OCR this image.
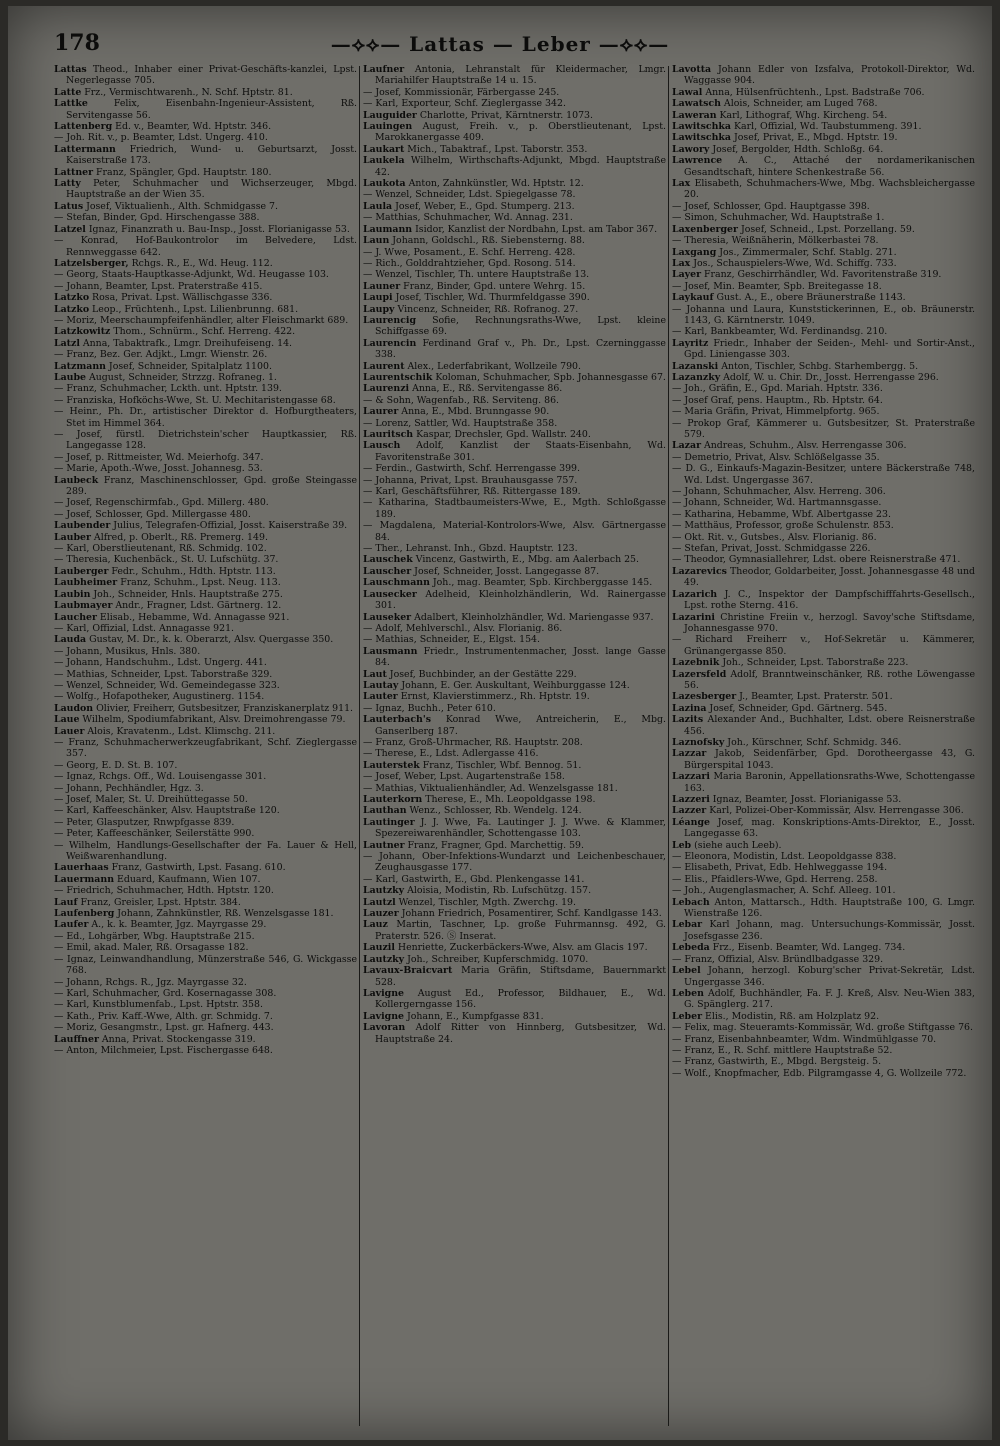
178	—⟡⟡— Lattas — Leber —⟡⟡—

Lattas Theod., Inhaber einer Privat-Geschäfts-kanzlei, Lpst. Negerlegasse 705.

Latte Frz., Vermischtwarenh., N. Schf. Hptstr. 81.

Lattke Felix, Eisenbahn-Ingenieur-Assistent, Rß. Servitengasse 56.

Lattenberg Ed. v., Beamter, Wd. Hptstr. 346.

— Joh. Rit. v., p. Beamter, Ldst. Ungerg. 410.

Lattermann Friedrich, Wund- u. Geburtsarzt, Josst. Kaiserstraße 173.

Lattner Franz, Spängler, Gpd. Hauptstr. 180.

Latty Peter, Schuhmacher und Wichserzeuger, Mbgd. Hauptstraße an der Wien 35.

Latus Josef, Viktualienh., Alth. Schmidgasse 7.

— Stefan, Binder, Gpd. Hirschengasse 388.

Latzel Ignaz, Finanzrath u. Bau-Insp., Josst. Florianigasse 53.

— Konrad, Hof-Baukontrolor im Belvedere, Ldst. Rennweggasse 642.

Latzelsberger, Rchgs. R., E., Wd. Heug. 112.

— Georg, Staats-Hauptkasse-Adjunkt, Wd. Heugasse 103.

— Johann, Beamter, Lpst. Praterstraße 415.

Latzko Rosa, Privat. Lpst. Wällischgasse 336.

Latzko Leop., Früchtenh., Lpst. Lilienbrunng. 681.

— Moriz, Meerschaumpfeifenhändler, alter Fleischmarkt 689.

Latzkowitz Thom., Schnürm., Schf. Herreng. 422.

Latzl Anna, Tabaktrafk., Lmgr. Dreihufeiseng. 14.

— Franz, Bez. Ger. Adjkt., Lmgr. Wienstr. 26.

Latzmann Josef, Schneider, Spitalplatz 1100.

Laube August, Schneider, Strzzg. Rofraneg. 1.

— Franz, Schuhmacher, Lckth. unt. Hptstr. 139.

— Franziska, Hofköchs-Wwe, St. U. Mechitaristengasse 68.

— Heinr., Ph. Dr., artistischer Direktor d. Hofburgtheaters, Stet im Himmel 364.

— Josef, fürstl. Dietrichstein'scher Hauptkassier, Rß. Langegasse 128.

— Josef, p. Rittmeister, Wd. Meierhofg. 347.

— Marie, Apoth.-Wwe, Josst. Johannesg. 53.

Laubeck Franz, Maschinenschlosser, Gpd. große Steingasse 289.

— Josef, Regenschirmfab., Gpd. Millerg. 480.

— Josef, Schlosser, Gpd. Millergasse 480.

Laubender Julius, Telegrafen-Offizial, Josst. Kaiserstraße 39.

Lauber Alfred, p. Oberlt., Rß. Premerg. 149.

— Karl, Oberstlieutenant, Rß. Schmidg. 102.

— Theresia, Kuchenbäck., St. U. Lufschütg. 37.

Lauberger Fedr., Schuhm., Hdth. Hptstr. 113.

Laubheimer Franz, Schuhm., Lpst. Neug. 113.

Laubin Joh., Schneider, Hnls. Hauptstraße 275.

Laubmayer Andr., Fragner, Ldst. Gärtnerg. 12.

Laucher Elisab., Hebamme, Wd. Annagasse 921.

— Karl, Offizial, Ldst. Annagasse 921.

Lauda Gustav, M. Dr., k. k. Oberarzt, Alsv. Quergasse 350.

— Johann, Musikus, Hnls. 380.

— Johann, Handschuhm., Ldst. Ungerg. 441.

— Mathias, Schneider, Lpst. Taborstraße 329.

— Wenzel, Schneider, Wd. Gemeindegasse 323.

— Wolfg., Hofapotheker, Augustinerg. 1154.

Laudon Olivier, Freiherr, Gutsbesitzer, Franziskanerplatz 911.

Laue Wilhelm, Spodiumfabrikant, Alsv. Dreimohrengasse 79.

Lauer Alois, Kravatenm., Ldst. Klimschg. 211.

— Franz, Schuhmacherwerkzeugfabrikant, Schf. Zieglergasse 357.

— Georg, E. D. St. B. 107.

— Ignaz, Rchgs. Off., Wd. Louisengasse 301.

— Johann, Pechhändler, Hgz. 3.

— Josef, Maler, St. U. Dreihüttegasse 50.

— Karl, Kaffeeschänker, Alsv. Hauptstraße 120.

— Peter, Glasputzer, Rnwpfgasse 839.

— Peter, Kaffeeschänker, Seilerstätte 990.

— Wilhelm, Handlungs-Gesellschafter der Fa. Lauer & Hell, Weißwarenhandlung.

Lauerhaas Franz, Gastwirth, Lpst. Fasang. 610.

Lauermann Eduard, Kaufmann, Wien 107.

— Friedrich, Schuhmacher, Hdth. Hptstr. 120.

Lauf Franz, Greisler, Lpst. Hptstr. 384.

Laufenberg Johann, Zahnkünstler, Rß. Wenzelsgasse 181.

Laufer A., k. k. Beamter, Jgz. Mayrgasse 29.

— Ed., Lohgärber, Wbg. Hauptstraße 215.

— Emil, akad. Maler, Rß. Orsagasse 182.

— Ignaz, Leinwandhandlung, Münzerstraße 546, G. Wickgasse 768.

— Johann, Rchgs. R., Jgz. Mayrgasse 32.

— Karl, Schuhmacher, Grd. Kosernagasse 308.

— Karl, Kunstblumenfab., Lpst. Hptstr. 358.

— Kath., Priv. Kaff.-Wwe, Alth. gr. Schmidg. 7.

— Moriz, Gesangmstr., Lpst. gr. Hafnerg. 443.

Lauffner Anna, Privat. Stockengasse 319.

— Anton, Milchmeier, Lpst. Fischergasse 648.

Laufner Antonia, Lehranstalt für Kleidermacher, Lmgr. Mariahilfer Hauptstraße 14 u. 15.

— Josef, Kommissionär, Färbergasse 245.

— Karl, Exporteur, Schf. Zieglergasse 342.

Lauguider Charlotte, Privat, Kärntnerstr. 1073.

Lauingen August, Freih. v., p. Oberstlieutenant, Lpst. Marokkanergasse 409.

Laukart Mich., Tabaktraf., Lpst. Taborstr. 353.

Laukela Wilhelm, Wirthschafts-Adjunkt, Mbgd. Hauptstraße 42.

Laukota Anton, Zahnkünstler, Wd. Hptstr. 12.

— Wenzel, Schneider, Ldst. Spiegelgasse 78.

Laula Josef, Weber, E., Gpd. Stumperg. 213.

— Matthias, Schuhmacher, Wd. Annag. 231.

Laumann Isidor, Kanzlist der Nordbahn, Lpst. am Tabor 367.

Laun Johann, Goldschl., Rß. Siebensterng. 88.

— J. Wwe, Posament., E. Schf. Herreng. 428.

— Rich., Golddrahtzieher, Gpd. Rosong. 514.

— Wenzel, Tischler, Th. untere Hauptstraße 13.

Launer Franz, Binder, Gpd. untere Wehrg. 15.

Laupi Josef, Tischler, Wd. Thurmfeldgasse 390.

Laupy Vincenz, Schneider, Rß. Rofranog. 27.

Laurencig Sofie, Rechnungsraths-Wwe, Lpst. kleine Schiffgasse 69.

Laurencin Ferdinand Graf v., Ph. Dr., Lpst. Czerninggasse 338.

Laurent Alex., Lederfabrikant, Wollzeile 790.

Laurentschik Koloman, Schuhmacher, Spb. Johannesgasse 67.

Laurenzi Anna, E., Rß. Servitengasse 86.

— & Sohn, Wagenfab., Rß. Serviteng. 86.

Laurer Anna, E., Mbd. Brunngasse 90.

— Lorenz, Sattler, Wd. Hauptstraße 358.

Lauritsch Kaspar, Drechsler, Gpd. Wallstr. 240.

Lausch Adolf, Kanzlist der Staats-Eisenbahn, Wd. Favoritenstraße 301.

— Ferdin., Gastwirth, Schf. Herrengasse 399.

— Johanna, Privat, Lpst. Brauhausgasse 757.

— Karl, Geschäftsführer, Rß. Rittergasse 189.

— Katharina, Stadtbaumeisters-Wwe, E., Mgth. Schloßgasse 189.

— Magdalena, Material-Kontrolors-Wwe, Alsv. Gärtnergasse 84.

— Ther., Lehranst. Inh., Gbzd. Hauptstr. 123.

Lauschek Vincenz, Gastwirth, E., Mbg. am Aalerbach 25.

Lauscher Josef, Schneider, Josst. Langegasse 87.

Lauschmann Joh., mag. Beamter, Spb. Kirchberggasse 145.

Lausecker Adelheid, Kleinholzhändlerin, Wd. Rainergasse 301.

Lauseker Adalbert, Kleinholzhändler, Wd. Mariengasse 937.

— Adolf, Mehlverschl., Alsv. Florianig. 86.

— Mathias, Schneider, E., Elgst. 154.

Lausmann Friedr., Instrumentenmacher, Josst. lange Gasse 84.

Laut Josef, Buchbinder, an der Gestätte 229.

Lautay Johann, E. Ger. Auskultant, Weihburggasse 124.

Lauter Ernst, Klavierstimmerz., Rh. Hptstr. 19.

— Ignaz, Buchh., Peter 610.

Lauterbach's Konrad Wwe, Antreicherin, E., Mbg. Ganserlberg 187.

— Franz, Groß-Uhrmacher, Rß. Hauptstr. 208.

— Therese, E., Ldst. Adlergasse 416.

Lauterstek Franz, Tischler, Wbf. Bennog. 51.

— Josef, Weber, Lpst. Augartenstraße 158.

— Mathias, Viktualienhändler, Ad. Wenzelsgasse 181.

Lauterkorn Therese, E., Mh. Leopoldgasse 198.

Lauthan Wenz., Schlosser, Rb. Wendelg. 124.

Lautinger J. J. Wwe, Fa. Lautinger J. J. Wwe. & Klammer, Spezereiwarenhändler, Schottengasse 103.

Lautner Franz, Fragner, Gpd. Marchettig. 59.

— Johann, Ober-Infektions-Wundarzt und Leichenbeschauer, Zeughausgasse 177.

— Karl, Gastwirth, E., Gbd. Plenkengasse 141.

Lautzky Aloisia, Modistin, Rb. Lufschützg. 157.

Lautzl Wenzel, Tischler, Mgth. Zwerchg. 19.

Lauzer Johann Friedrich, Posamentirer, Schf. Kandlgasse 143.

Lauz Martin, Taschner, Lp. große Fuhrmannsg. 492, G. Praterstr. 526. Ⓢ Inserat.

Lauzil Henriette, Zuckerbäckers-Wwe, Alsv. am Glacis 197.

Lautzky Joh., Schreiber, Kupferschmidg. 1070.

Lavaux-Braicvart Maria Gräfin, Stiftsdame, Bauernmarkt 528.

Lavigne August Ed., Professor, Bildhauer, E., Wd. Kollergerngasse 156.

Lavigne Johann, E., Kumpfgasse 831.

Lavoran Adolf Ritter von Hinnberg, Gutsbesitzer, Wd. Hauptstraße 24.

Lavotta Johann Edler von Izsfalva, Protokoll-Direktor, Wd. Waggasse 904.

Lawal Anna, Hülsenfrüchtenh., Lpst. Badstraße 706.

Lawatsch Alois, Schneider, am Luged 768.

Laweran Karl, Lithograf, Whg. Kircheng. 54.

Lawitschka Karl, Offizial, Wd. Taubstummeng. 391.

Lawitschka Josef, Privat, E., Mbgd. Hptstr. 19.

Lawory Josef, Bergolder, Hdth. Schloßg. 64.

Lawrence A. C., Attaché der nordamerikanischen Gesandtschaft, hintere Schenkestraße 56.

Lax Elisabeth, Schuhmachers-Wwe, Mbg. Wachsbleichergasse 20.

— Josef, Schlosser, Gpd. Hauptgasse 398.

— Simon, Schuhmacher, Wd. Hauptstraße 1.

Laxenberger Josef, Schneid., Lpst. Porzellang. 59.

— Theresia, Weißnäherin, Mölkerbastei 78.

Laxgang Jos., Zimmermaler, Schf. Stablg. 271.

Lax Jos., Schauspielers-Wwe, Wd. Schiffg. 733.

Layer Franz, Geschirrhändler, Wd. Favoritenstraße 319.

— Josef, Min. Beamter, Spb. Breitegasse 18.

Laykauf Gust. A., E., obere Bräunerstraße 1143.

— Johanna und Laura, Kunststickerinnen, E., ob. Bräunerstr. 1143, G. Kärntnerstr. 1049.

— Karl, Bankbeamter, Wd. Ferdinandsg. 210.

Layritz Friedr., Inhaber der Seiden-, Mehl- und Sortir-Anst., Gpd. Liniengasse 303.

Lazanski Anton, Tischler, Schbg. Starhembergg. 5.

Lazanzky Adolf, W. u. Chir. Dr., Josst. Herrengasse 296.

— Joh., Gräfin, E., Gpd. Mariah. Hptstr. 336.

— Josef Graf, pens. Hauptm., Rb. Hptstr. 64.

— Maria Gräfin, Privat, Himmelpfortg. 965.

— Prokop Graf, Kämmerer u. Gutsbesitzer, St. Praterstraße 579.

Lazar Andreas, Schuhm., Alsv. Herrengasse 306.

— Demetrio, Privat, Alsv. Schlößelgasse 35.

— D. G., Einkaufs-Magazin-Besitzer, untere Bäckerstraße 748, Wd. Ldst. Ungergasse 367.

— Johann, Schuhmacher, Alsv. Herreng. 306.

— Johann, Schneider, Wd. Hartmannsgasse.

— Katharina, Hebamme, Wbf. Albertgasse 23.

— Matthäus, Professor, große Schulenstr. 853.

— Okt. Rit. v., Gutsbes., Alsv. Florianig. 86.

— Stefan, Privat, Josst. Schmidgasse 226.

— Theodor, Gymnasiallehrer, Ldst. obere Reisnerstraße 471.

Lazarevics Theodor, Goldarbeiter, Josst. Johannesgasse 48 und 49.

Lazarich J. C., Inspektor der Dampfschifffahrts-Gesellsch., Lpst. rothe Sterng. 416.

Lazarini Christine Freiin v., herzogl. Savoy'sche Stiftsdame, Johannesgasse 970.

— Richard Freiherr v., Hof-Sekretär u. Kämmerer, Grünangergasse 850.

Lazebnik Joh., Schneider, Lpst. Taborstraße 223.

Lazersfeld Adolf, Branntweinschänker, Rß. rothe Löwengasse 56.

Lazesberger J., Beamter, Lpst. Praterstr. 501.

Lazina Josef, Schneider, Gpd. Gärtnerg. 545.

Lazits Alexander And., Buchhalter, Ldst. obere Reisnerstraße 456.

Laznofsky Joh., Kürschner, Schf. Schmidg. 346.

Lazzar Jakob, Seidenfärber, Gpd. Dorotheergasse 43, G. Bürgerspital 1043.

Lazzari Maria Baronin, Appellationsraths-Wwe, Schottengasse 163.

Lazzeri Ignaz, Beamter, Josst. Florianigasse 53.

Lazzer Karl, Polizei-Ober-Kommissär, Alsv. Herrengasse 306.

Léange Josef, mag. Konskriptions-Amts-Direktor, E., Josst. Langegasse 63.

Leb (siehe auch Leeb).

— Eleonora, Modistin, Ldst. Leopoldgasse 838.

— Elisabeth, Privat, Edb. Hehlweggasse 194.

— Elis., Pfaidlers-Wwe, Gpd. Herreng. 258.

— Joh., Augenglasmacher, A. Schf. Alleeg. 101.

Lebach Anton, Mattarsch., Hdth. Hauptstraße 100, G. Lmgr. Wienstraße 126.

Lebar Karl Johann, mag. Untersuchungs-Kommissär, Josst. Josefsgasse 236.

Lebeda Frz., Eisenb. Beamter, Wd. Langeg. 734.

— Franz, Offizial, Alsv. Bründlbadgasse 329.

Lebel Johann, herzogl. Koburg'scher Privat-Sekretär, Ldst. Ungergasse 346.

Leben Adolf, Buchhändler, Fa. F. J. Kreß, Alsv. Neu-Wien 383, G. Spänglerg. 217.

Leber Elis., Modistin, Rß. am Holzplatz 92.

— Felix, mag. Steueramts-Kommissär, Wd. große Stiftgasse 76.

— Franz, Eisenbahnbeamter, Wdm. Windmühlgasse 70.

— Franz, E., R. Schf. mittlere Hauptstraße 52.

— Franz, Gastwirth, E., Mbgd. Bergsteig. 5.

— Wolf., Knopfmacher, Edb. Pilgramgasse 4, G. Wollzeile 772.
